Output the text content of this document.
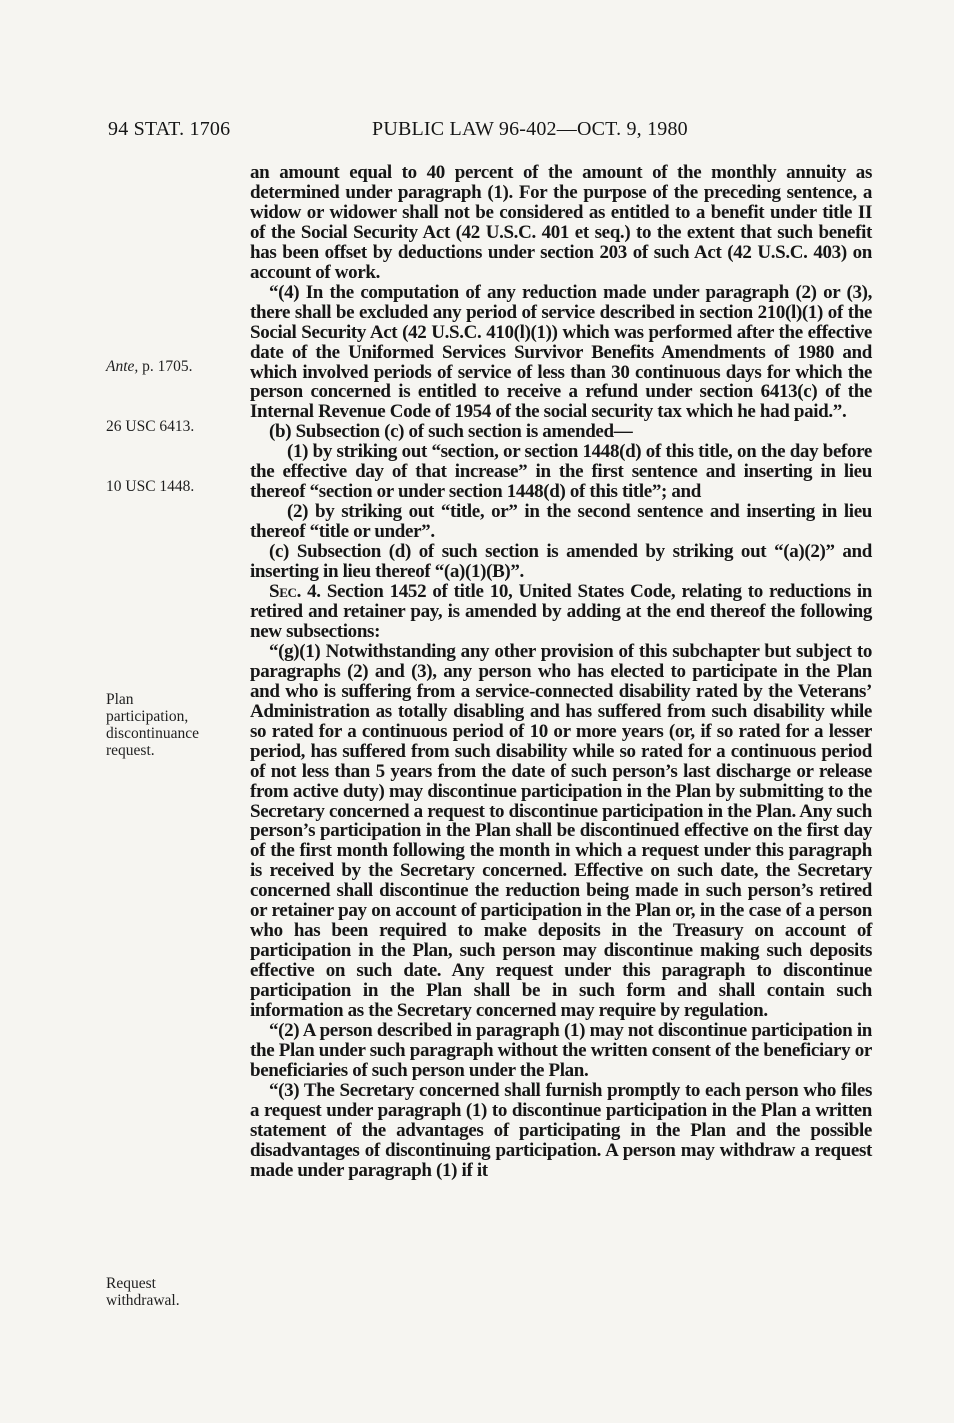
94 STAT. 1706	PUBLIC LAW 96-402—OCT. 9, 1980
Ante, p. 1705.
26 USC 6413.
10 USC 1448.
Plan
participation,
discontinuance
request.
Request
withdrawal.

an amount equal to 40 percent of the amount of the monthly annuity as determined under paragraph (1). For the purpose of the preceding sentence, a widow or widower shall not be considered as entitled to a benefit under title II of the Social Security Act (42 U.S.C. 401 et seq.) to the extent that such benefit has been offset by deductions under section 203 of such Act (42 U.S.C. 403) on account of work.

“(4) In the computation of any reduction made under paragraph (2) or (3), there shall be excluded any period of service described in section 210(l)(1) of the Social Security Act (42 U.S.C. 410(l)(1)) which was performed after the effective date of the Uniformed Services Survivor Benefits Amendments of 1980 and which involved periods of service of less than 30 continuous days for which the person concerned is entitled to receive a refund under section 6413(c) of the Internal Revenue Code of 1954 of the social security tax which he had paid.”.

(b) Subsection (c) of such section is amended—

(1) by striking out “section, or section 1448(d) of this title, on the day before the effective day of that increase” in the first sentence and inserting in lieu thereof “section or under section 1448(d) of this title”; and

(2) by striking out “title, or” in the second sentence and inserting in lieu thereof “title or under”.

(c) Subsection (d) of such section is amended by striking out “(a)(2)” and inserting in lieu thereof “(a)(1)(B)”.

Sec. 4. Section 1452 of title 10, United States Code, relating to reductions in retired and retainer pay, is amended by adding at the end thereof the following new subsections:

“(g)(1) Notwithstanding any other provision of this subchapter but subject to paragraphs (2) and (3), any person who has elected to participate in the Plan and who is suffering from a service-connected disability rated by the Veterans’ Administration as totally disabling and has suffered from such disability while so rated for a continuous period of 10 or more years (or, if so rated for a lesser period, has suffered from such disability while so rated for a continuous period of not less than 5 years from the date of such person’s last discharge or release from active duty) may discontinue participation in the Plan by submitting to the Secretary concerned a request to discontinue participation in the Plan. Any such person’s participation in the Plan shall be discontinued effective on the first day of the first month following the month in which a request under this paragraph is received by the Secretary concerned. Effective on such date, the Secretary concerned shall discontinue the reduction being made in such person’s retired or retainer pay on account of participation in the Plan or, in the case of a person who has been required to make deposits in the Treasury on account of participation in the Plan, such person may discontinue making such deposits effective on such date. Any request under this paragraph to discontinue participation in the Plan shall be in such form and shall contain such information as the Secretary concerned may require by regulation.

“(2) A person described in paragraph (1) may not discontinue participation in the Plan under such paragraph without the written consent of the beneficiary or beneficiaries of such person under the Plan.

“(3) The Secretary concerned shall furnish promptly to each person who files a request under paragraph (1) to discontinue participation in the Plan a written statement of the advantages of participating in the Plan and the possible disadvantages of discontinuing participation. A person may withdraw a request made under paragraph (1) if it
